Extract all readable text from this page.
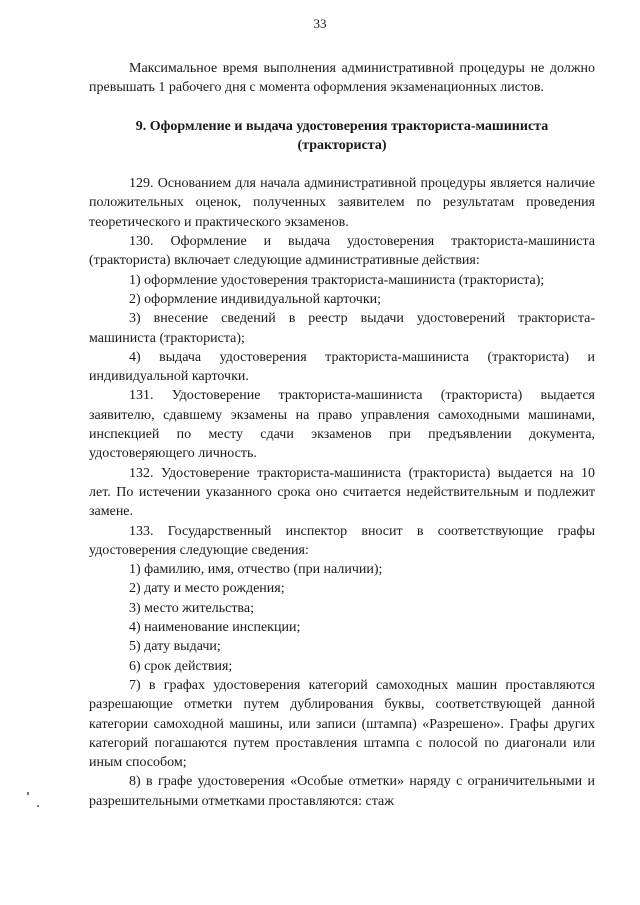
33

Максимальное время выполнения административной процедуры не должно превышать 1 рабочего дня с момента оформления экзаменационных листов.

9. Оформление и выдача удостоверения тракториста-машиниста (тракториста)

129. Основанием для начала административной процедуры является наличие положительных оценок, полученных заявителем по результатам проведения теоретического и практического экзаменов.

130. Оформление и выдача удостоверения тракториста-машиниста (тракториста) включает следующие административные действия:

1) оформление удостоверения тракториста-машиниста (тракториста);

2) оформление индивидуальной карточки;

3) внесение сведений в реестр выдачи удостоверений тракториста-машиниста (тракториста);

4) выдача удостоверения тракториста-машиниста (тракториста) и индивидуальной карточки.

131. Удостоверение тракториста-машиниста (тракториста) выдается заявителю, сдавшему экзамены на право управления самоходными машинами, инспекцией по месту сдачи экзаменов при предъявлении документа, удостоверяющего личность.

132. Удостоверение тракториста-машиниста (тракториста) выдается на 10 лет. По истечении указанного срока оно считается недействительным и подлежит замене.

133. Государственный инспектор вносит в соответствующие графы удостоверения следующие сведения:

1) фамилию, имя, отчество (при наличии);

2) дату и место рождения;

3) место жительства;

4) наименование инспекции;

5) дату выдачи;

6) срок действия;

7) в графах удостоверения категорий самоходных машин проставляются разрешающие отметки путем дублирования буквы, соответствующей данной категории самоходной машины, или записи (штампа) «Разрешено». Графы других категорий погашаются путем проставления штампа с полосой по диагонали или иным способом;

8) в графе удостоверения «Особые отметки» наряду с ограничительными и разрешительными отметками проставляются: стаж
